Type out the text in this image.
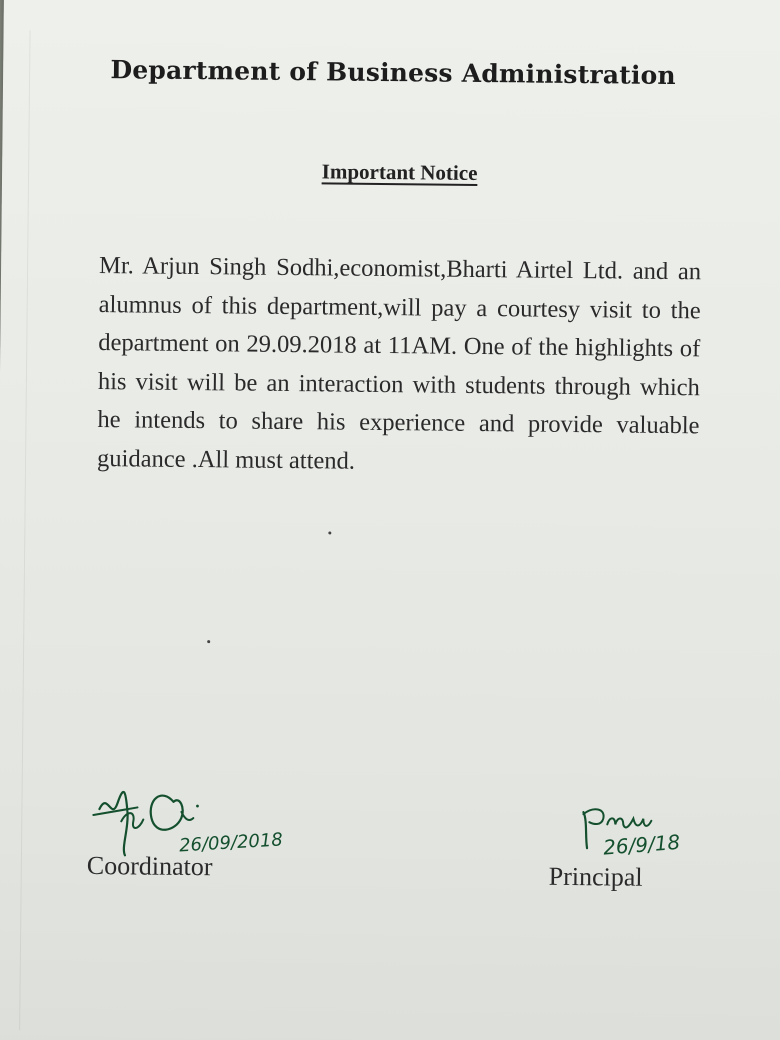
Department of Business Administration
Important Notice
Mr. Arjun Singh Sodhi,economist,Bharti Airtel Ltd. and an alumnus of this department,will pay a courtesy visit to the department on 29.09.2018 at 11AM. One of the highlights of his visit will be an interaction with students through which he intends to share his experience and provide valuable guidance .All must attend.
26/09/2018
Coordinator
26/9/18
Principal
